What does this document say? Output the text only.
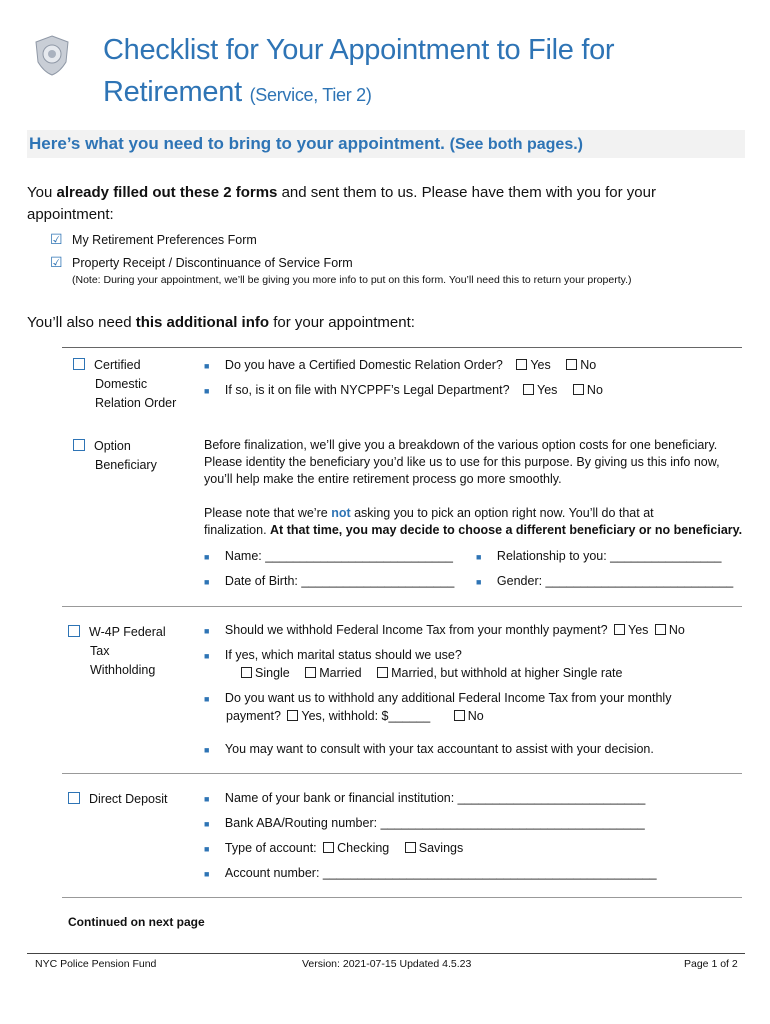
Checklist for Your Appointment to File for
Retirement (Service, Tier 2)
Here’s what you need to bring to your appointment. (See both pages.)
You already filled out these 2 forms and sent them to us. Please have them with you for your
appointment:
☑ My Retirement Preferences Form
☑ Property Receipt / Discontinuance of Service Form
(Note: During your appointment, we’ll be giving you more info to put on this form. You’ll need this to return your property.)
You’ll also need this additional info for your appointment:
Certified
Domestic
Relation Order
■ Do you have a Certified Domestic Relation Order? Yes No
■ If so, is it on file with NYCPPF’s Legal Department? Yes No
Option
Beneficiary
Before finalization, we’ll give you a breakdown of the various option costs for one beneficiary.
Please identity the beneficiary you’d like us to use for this purpose. By giving us this info now,
you’ll help make the entire retirement process go more smoothly.
Please note that we’re not asking you to pick an option right now. You’ll do that at
finalization. At that time, you may decide to choose a different beneficiary or no beneficiary.
■ Name: ___________________________	■ Relationship to you: ________________
■ Date of Birth: ______________________ ■ Gender: ___________________________
W-4P Federal
Tax
Withholding
■ Should we withhold Federal Income Tax from your monthly payment? Yes No
■ If yes, which marital status should we use?
Single Married Married, but withhold at higher Single rate
■ Do you want us to withhold any additional Federal Income Tax from your monthly
payment? Yes, withhold: $______	No
■ You may want to consult with your tax accountant to assist with your decision.
Direct Deposit	■ Name of your bank or financial institution: ___________________________
■ Bank ABA/Routing number: ______________________________________
■ Type of account: Checking Savings
■ Account number: ________________________________________________
Continued on next page
NYC Police Pension Fund	Version: 2021-07-15 Updated 4.5.23	Page 1 of 2
